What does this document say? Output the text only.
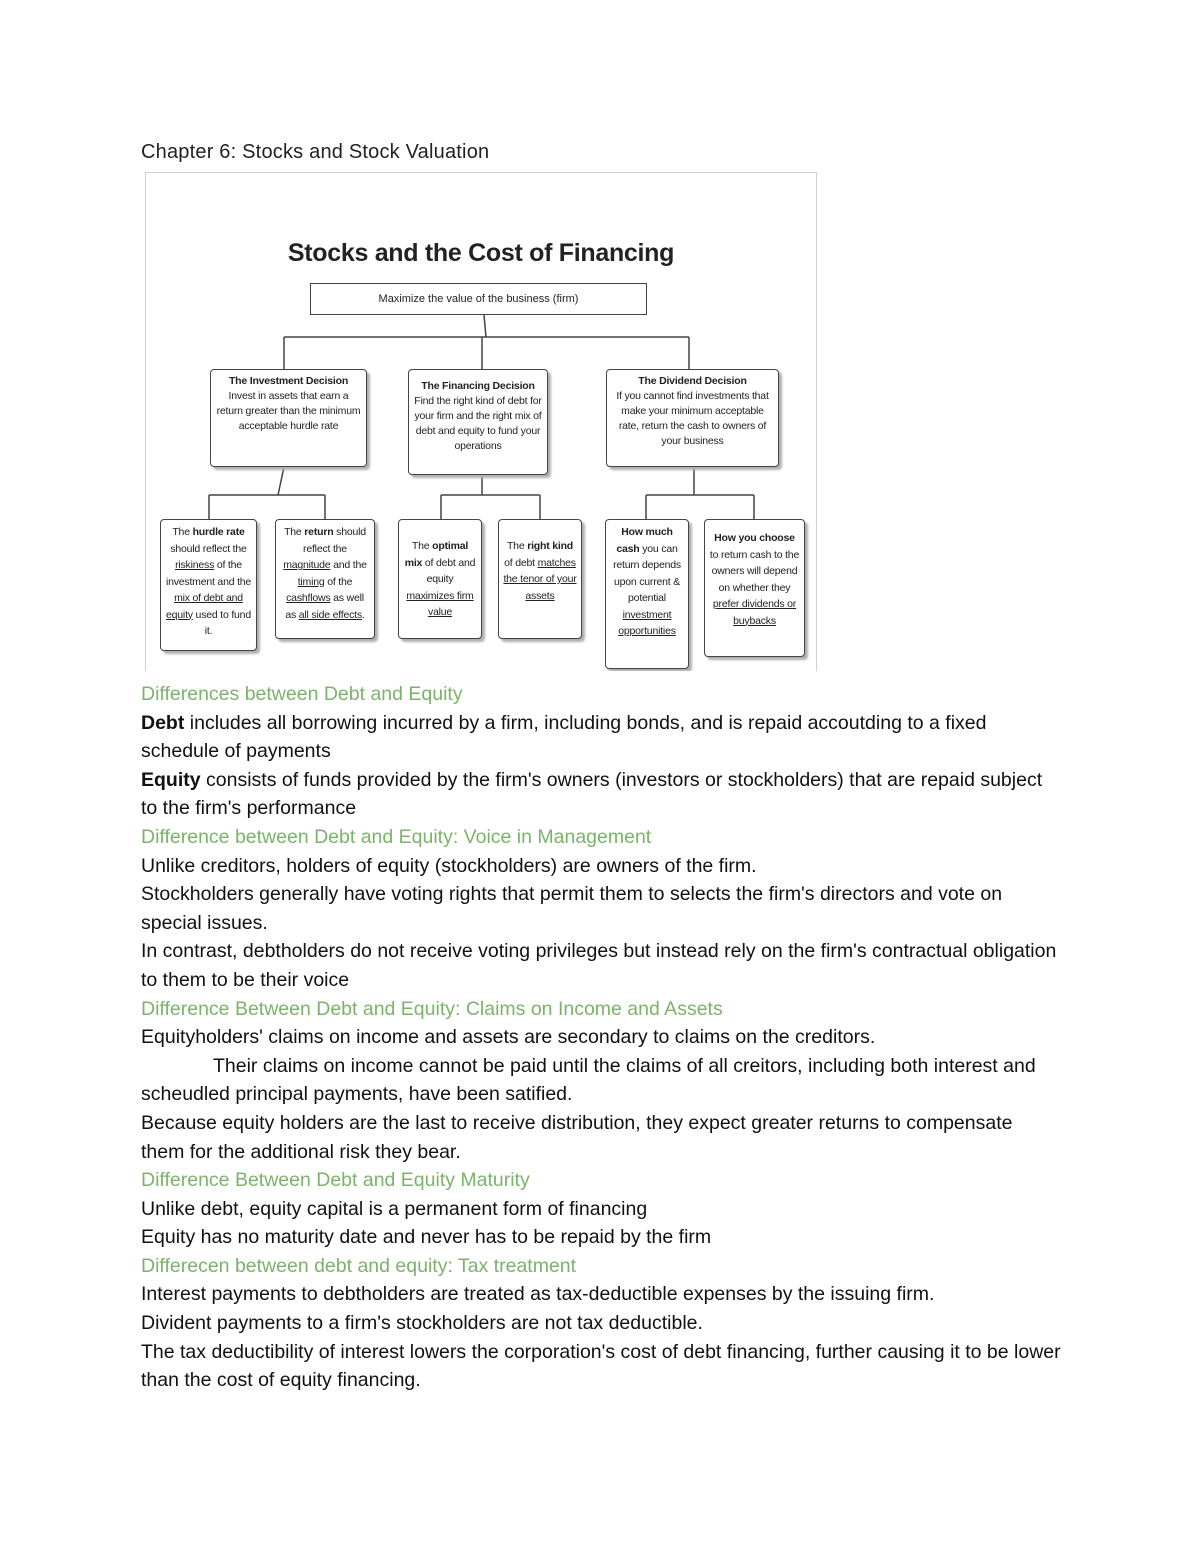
Chapter 6: Stocks and Stock Valuation
Stocks and the Cost of Financing
Maximize the value of the business (firm)
The Investment Decision
Invest in assets that earn a return greater than the minimum acceptable hurdle rate
The Financing Decision
Find the right kind of debt for your firm and the right mix of debt and equity to fund your operations
The Dividend Decision
If you cannot find investments that make your minimum acceptable rate, return the cash to owners of your business
The hurdle rate should reflect the riskiness of the investment and the mix of debt and equity used to fund it.
The return should reflect the magnitude and the timing of the cashflows as well as all side effects.
The optimal mix of debt and equity maximizes firm value
The right kind of debt matches the tenor of your assets
How much cash you can return depends upon current & potential investment opportunities
How you choose to return cash to the owners will depend on whether they prefer dividends or buybacks

Differences between Debt and Equity

Debt includes all borrowing incurred by a firm, including bonds, and is repaid accoutding to a fixed schedule of payments

Equity consists of funds provided by the firm's owners (investors or stockholders) that are repaid subject to the firm's performance

Difference between Debt and Equity: Voice in Management

Unlike creditors, holders of equity (stockholders) are owners of the firm.

Stockholders generally have voting rights that permit them to selects the firm's directors and vote on special issues.

In contrast, debtholders do not receive voting privileges but instead rely on the firm's contractual obligation to them to be their voice

Difference Between Debt and Equity: Claims on Income and Assets

Equityholders' claims on income and assets are secondary to claims on the creditors.

Their claims on income cannot be paid until the claims of all creitors, including both interest and scheudled principal payments, have been satified.

Because equity holders are the last to receive distribution, they expect greater returns to compensate them for the additional risk they bear.

Difference Between Debt and Equity Maturity

Unlike debt, equity capital is a permanent form of financing

Equity has no maturity date and never has to be repaid by the firm

Differecen between debt and equity: Tax treatment

Interest payments to debtholders are treated as tax-deductible expenses by the issuing firm.

Divident payments to a firm's stockholders are not tax deductible.

The tax deductibility of interest lowers the corporation's cost of debt financing, further causing it to be lower than the cost of equity financing.
